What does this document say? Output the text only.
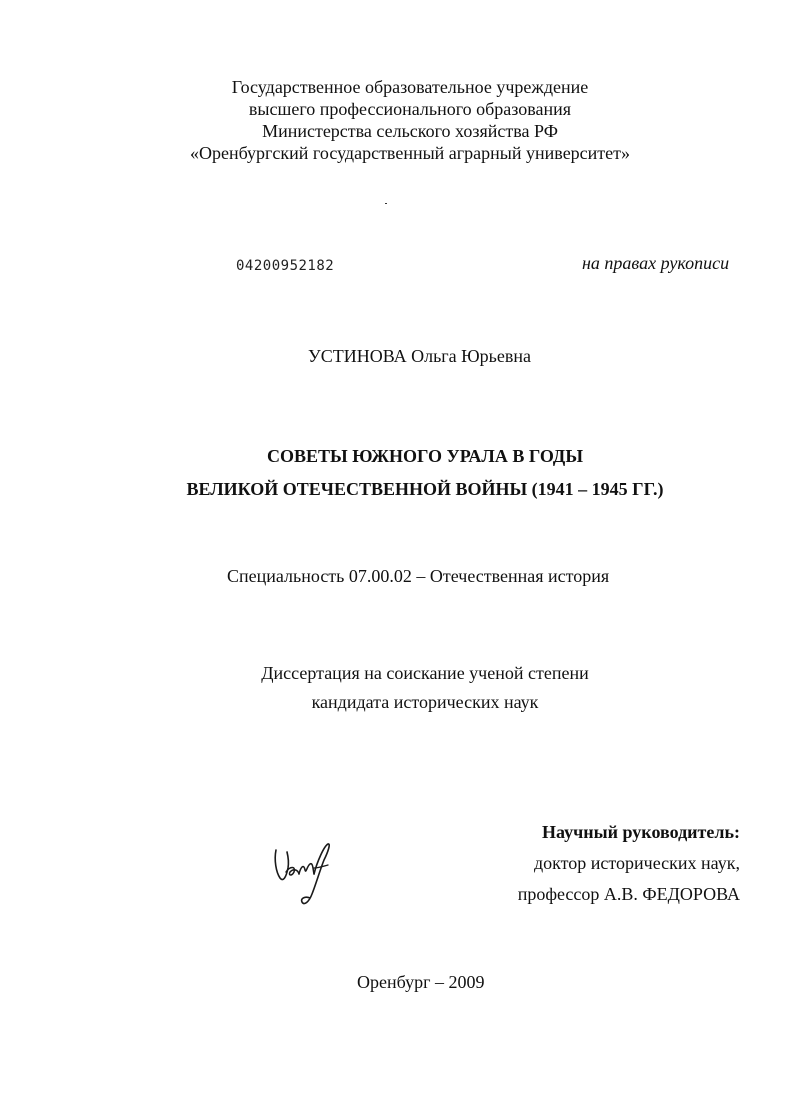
Государственное образовательное учреждение
высшего профессионального образования
Министерства сельского хозяйства РФ
«Оренбургский государственный аграрный университет»
04200952182	на правах рукописи
УСТИНОВА Ольга Юрьевна
СОВЕТЫ ЮЖНОГО УРАЛА В ГОДЫ
ВЕЛИКОЙ ОТЕЧЕСТВЕННОЙ ВОЙНЫ (1941 – 1945 ГГ.)
Специальность 07.00.02 – Отечественная история
Диссертация на соискание ученой степени
кандидата исторических наук
Научный руководитель:
доктор исторических наук,
профессор А.В. ФЕДОРОВА
Оренбург – 2009
